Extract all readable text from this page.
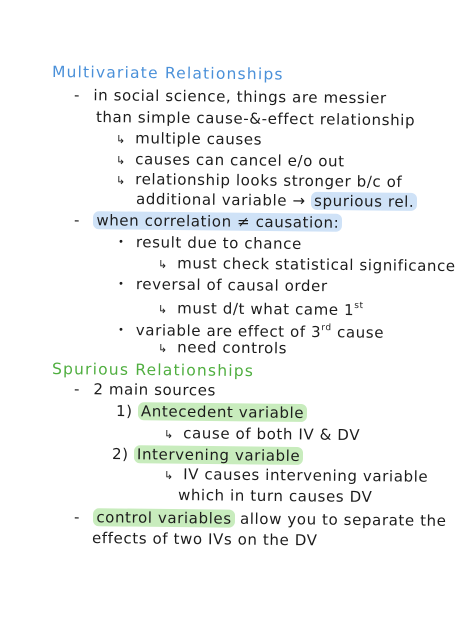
Multivariate Relationships
- in social science, things are messier
than simple cause-&-effect relationship
↳ multiple causes
↳ causes can cancel e/o out
↳ relationship looks stronger b/c of
additional variable → spurious rel.
- when correlation ≠ causation:
• result due to chance
↳ must check statistical significance
• reversal of causal order
↳ must d/t what came 1st
• variable are effect of 3rd cause
↳ need controls
Spurious Relationships
- 2 main sources
1) Antecedent variable
↳ cause of both IV & DV
2) Intervening variable
↳ IV causes intervening variable
which in turn causes DV
- control variables allow you to separate the
effects of two IVs on the DV
